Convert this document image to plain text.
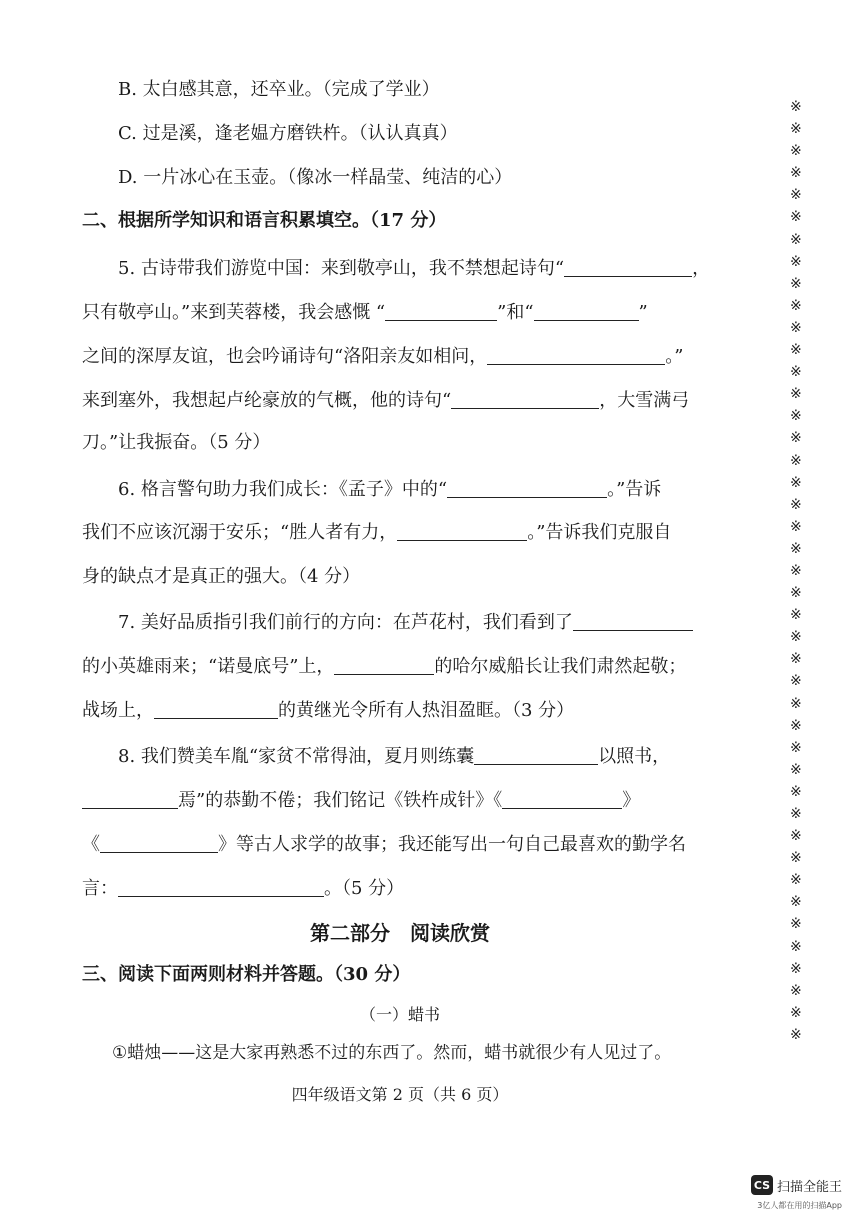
B. 太白感其意，还卒业。（完成了学业）
C. 过是溪，逢老媪方磨铁杵。（认认真真）
D. 一片冰心在玉壶。（像冰一样晶莹、纯洁的心）
二、根据所学知识和语言积累填空。（17 分）
5. 古诗带我们游览中国：来到敬亭山，我不禁想起诗句“	，
只有敬亭山。”来到芙蓉楼，我会感慨 “	”和“	”
之间的深厚友谊，也会吟诵诗句“洛阳亲友如相问，	。”
来到塞外，我想起卢纶豪放的气概，他的诗句“	，大雪满弓
刀。”让我振奋。（5 分）
6. 格言警句助力我们成长：《孟子》中的“	。”告诉
我们不应该沉溺于安乐；“胜人者有力，	。”告诉我们克服自
身的缺点才是真正的强大。（4 分）
7. 美好品质指引我们前行的方向：在芦花村，我们看到了
的小英雄雨来；“诺曼底号”上，	的哈尔威船长让我们肃然起敬；
战场上，	的黄继光令所有人热泪盈眶。（3 分）
8. 我们赞美车胤“家贫不常得油，夏月则练囊	以照书，
焉”的恭勤不倦；我们铭记《铁杵成针》《	》
《	》等古人求学的故事；我还能写出一句自己最喜欢的勤学名
言：	。（5 分）
第二部分　阅读欣赏
三、阅读下面两则材料并答题。（30 分）
（一）蜡书
①蜡烛——这是大家再熟悉不过的东西了。然而，蜡书就很少有人见过了。
四年级语文第 2 页（共 6 页）
※
※
※
※
※
※
※
※
※
※
※
※
※
※
※
※
※
※
※
※
※
※
※
※
※
※
※
※
※
※
※
※
※
※
※
※
※
※
※
※
※
※
※
CS 扫描全能王
3亿人都在用的扫描App
